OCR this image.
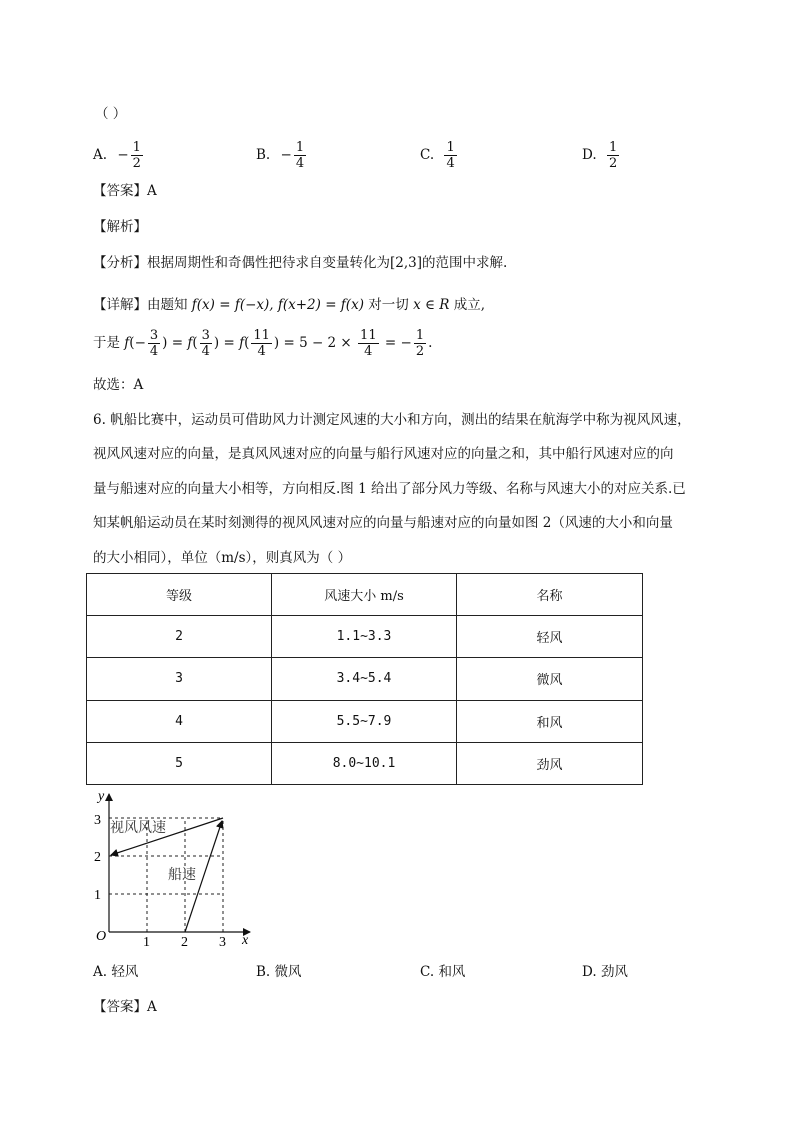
（ ）
A. − $\frac{1}{2}$	B. − $\frac{1}{4}$	C. $\frac{1}{4}$	D. $\frac{1}{2}$
【答案】A
【解析】
【分析】根据周期性和奇偶性把待求自变量转化为[2,3]的范围中求解.
【详解】由题知 f(x) = f(−x), f(x+2) = f(x) 对一切 x ∈ R 成立,
于是 $f(- \frac{3}{4}$ ) = $f( \frac{3}{4}$ ) = $f( \frac{11}{4}$ ) = $5 - 2 \times \frac{11}{4}$ = − $\frac{1}{2}$ .
故选：A
6. 帆船比赛中，运动员可借助风力计测定风速的大小和方向，测出的结果在航海学中称为视风风速，
视风风速对应的向量，是真风风速对应的向量与船行风速对应的向量之和，其中船行风速对应的向
量与船速对应的向量大小相等，方向相反.图 1 给出了部分风力等级、名称与风速大小的对应关系.已
知某帆船运动员在某时刻测得的视风风速对应的向量与船速对应的向量如图 2（风速的大小和向量
的大小相同），单位（m/s），则真风为（ ）
等级	风速大小 m/s	名称
2	1.1~3.3	轻风
3	3.4~5.4	微风
4	5.5~7.9	和风
5	8.0~10.1	劲风
O
y
x
1
2
3
1 2 3
视风风速
船速
A. 轻风	B. 微风	C. 和风	D. 劲风
【答案】A
